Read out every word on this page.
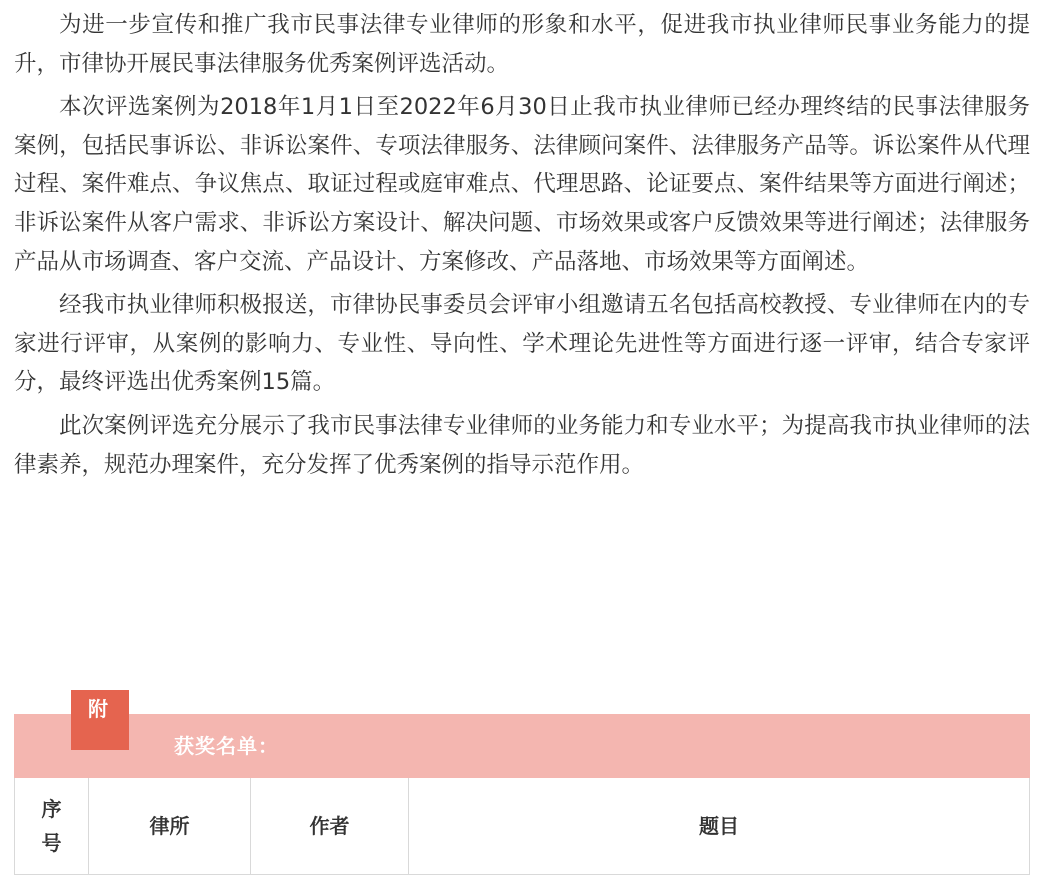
为进一步宣传和推广我市民事法律专业律师的形象和水平，促进我市执业律师民事业务能力的提升，市律协开展民事法律服务优秀案例评选活动。

本次评选案例为2018年1月1日至2022年6月30日止我市执业律师已经办理终结的民事法律服务案例，包括民事诉讼、非诉讼案件、专项法律服务、法律顾问案件、法律服务产品等。诉讼案件从代理过程、案件难点、争议焦点、取证过程或庭审难点、代理思路、论证要点、案件结果等方面进行阐述；非诉讼案件从客户需求、非诉讼方案设计、解决问题、市场效果或客户反馈效果等进行阐述；法律服务产品从市场调查、客户交流、产品设计、方案修改、产品落地、市场效果等方面阐述。

经我市执业律师积极报送，市律协民事委员会评审小组邀请五名包括高校教授、专业律师在内的专家进行评审，从案例的影响力、专业性、导向性、学术理论先进性等方面进行逐一评审，结合专家评分，最终评选出优秀案例15篇。

此次案例评选充分展示了我市民事法律专业律师的业务能力和专业水平；为提高我市执业律师的法律素养，规范办理案件，充分发挥了优秀案例的指导示范作用。

附
获奖名单：
序号	律所	作者	题目
